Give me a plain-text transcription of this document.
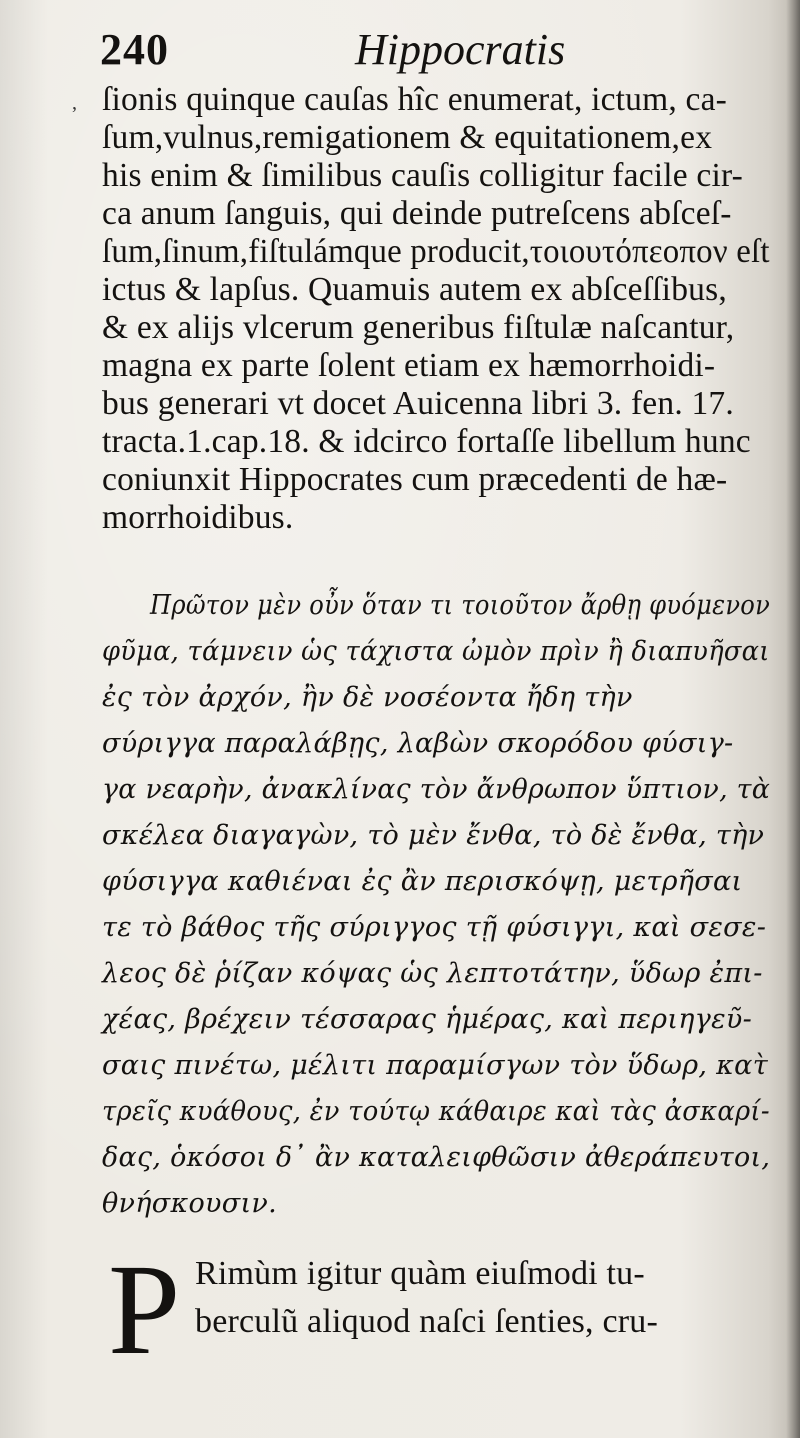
240	Hippocratis
, ſionis quinque cauſas hîc enumerat, ictum, ca-
ſum,vulnus,remigationem & equitationem,ex
his enim & ſimilibus cauſis colligitur facile cir-
ca anum ſanguis, qui deinde putreſcens abſceſ-
ſum,ſinum,fiſtulámque producit,τοιουτόπεοπον eſt
ictus & lapſus. Quamuis autem ex abſceſſibus,
& ex alijs vlcerum generibus fiſtulæ naſcantur,
magna ex parte ſolent etiam ex hæmorrhoidi-
bus generari vt docet Auicenna libri 3. fen. 17.
tracta.1.cap.18. & idcirco fortaſſe libellum hunc
coniunxit Hippocrates cum præcedenti de hæ-
morrhoidibus.
Πρῶτον μὲν οὖν ὅταν τι τοιοῦτον ἄρθῃ φυόμενον
φῦμα, τάμνειν ὡς τάχιστα ὠμὸν πρὶν ἢ διαπυῆσαι
ἐς τὸν ἀρχόν, ἢν δὲ νοσέοντα ἤδη τὴν
σύριγγα παραλάβῃς, λαβὼν σκορόδου φύσιγ-
γα νεαρὴν, ἀνακλίνας τὸν ἄνθρωπον ὕπτιον, τὰ
σκέλεα διαγαγὼν, τὸ μὲν ἔνθα, τὸ δὲ ἔνθα, τὴν
φύσιγγα καθιέναι ἐς ἂν περισκόψῃ, μετρῆσαι
τε τὸ βάθος τῆς σύριγγος τῇ φύσιγγι, καὶ σεσε-
λεος δὲ ῥίζαν κόψας ὡς λεπτοτάτην, ὕδωρ ἐπι-
χέας, βρέχειν τέσσαρας ἡμέρας, καὶ περιηγεῦ-
σαις πινέτω, μέλιτι παραμίσγων τὸν ὕδωρ, κατ̀
τρεῖς κυάθους, ἐν τούτῳ κάθαιρε καὶ τὰς ἀσκαρί-
δας, ὁκόσοι δ᾽ ἂν καταλειφθῶσιν ἀθεράπευτοι,
θνήσκουσιν.
P Rimùm igitur quàm eiuſmodi tu-
berculũ aliquod naſci ſenties, cru-
